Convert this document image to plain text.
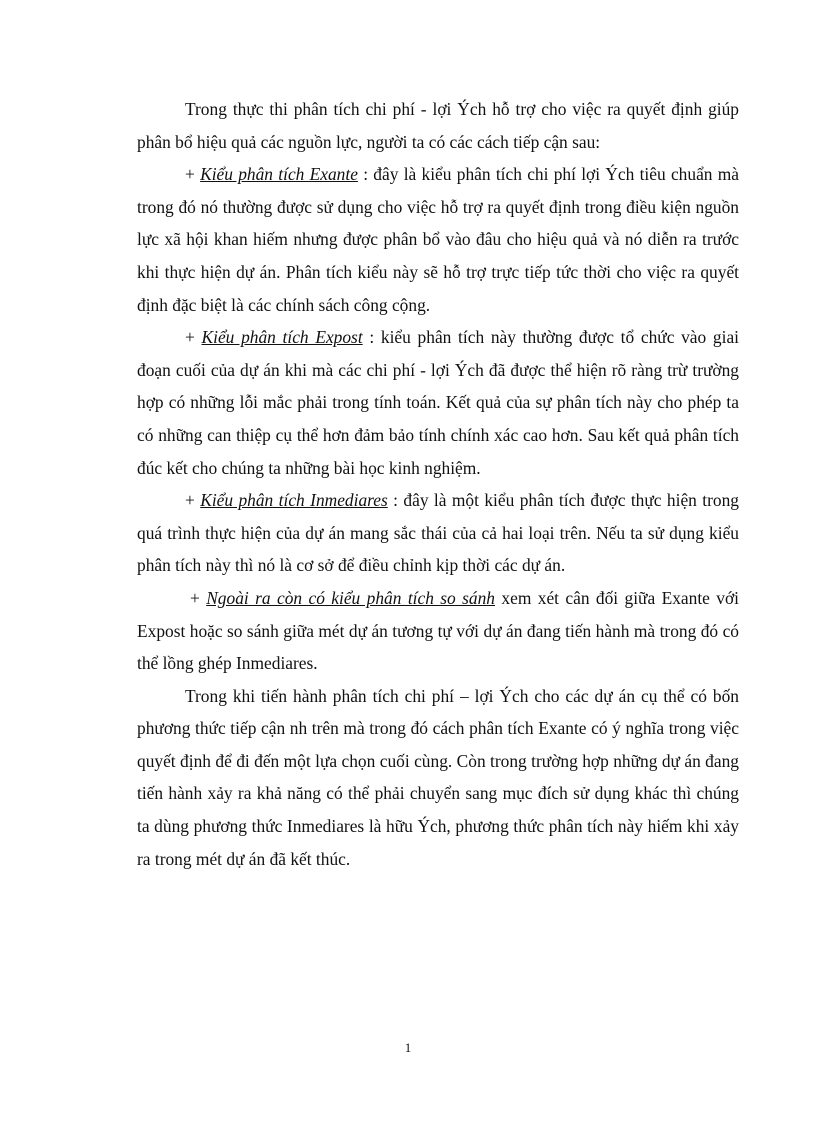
Trong thực thi phân tích chi phí - lợi Ých hỗ trợ cho việc ra quyết định giúp phân bổ hiệu quả các nguồn lực, người ta có các cách tiếp cận sau:

+ Kiểu phân tích Exante : đây là kiểu phân tích chi phí lợi Ých tiêu chuẩn mà trong đó nó thường được sử dụng cho việc hỗ trợ ra quyết định trong điều kiện nguồn lực xã hội khan hiếm nhưng được phân bổ vào đâu cho hiệu quả và nó diễn ra trước khi thực hiện dự án. Phân tích kiểu này sẽ hỗ trợ trực tiếp tức thời cho việc ra quyết định đặc biệt là các chính sách công cộng.

+ Kiểu phân tích Expost : kiểu phân tích này thường được tổ chức vào giai đoạn cuối của dự án khi mà các chi phí - lợi Ých đã được thể hiện rõ ràng trừ trường hợp có những lỗi mắc phải trong tính toán. Kết quả của sự phân tích này cho phép ta có những can thiệp cụ thể hơn đảm bảo tính chính xác cao hơn. Sau kết quả phân tích đúc kết cho chúng ta những bài học kinh nghiệm.

+ Kiểu phân tích Inmediares : đây là một kiểu phân tích được thực hiện trong quá trình thực hiện của dự án mang sắc thái của cả hai loại trên. Nếu ta sử dụng kiểu phân tích này thì nó là cơ sở để điều chỉnh kịp thời các dự án.

+ Ngoài ra còn có kiểu phân tích so sánh xem xét cân đối giữa Exante với Expost hoặc so sánh giữa mét dự án tương tự với dự án đang tiến hành mà trong đó có thể lồng ghép Inmediares.

Trong khi tiến hành phân tích chi phí – lợi Ých cho các dự án cụ thể có bốn phương thức tiếp cận nh trên mà trong đó cách phân tích Exante có ý nghĩa trong việc quyết định để đi đến một lựa chọn cuối cùng. Còn trong trường hợp những dự án đang tiến hành xảy ra khả năng có thể phải chuyển sang mục đích sử dụng khác thì chúng ta dùng phương thức Inmediares là hữu Ých, phương thức phân tích này hiếm khi xảy ra trong mét dự án đã kết thúc.

1
